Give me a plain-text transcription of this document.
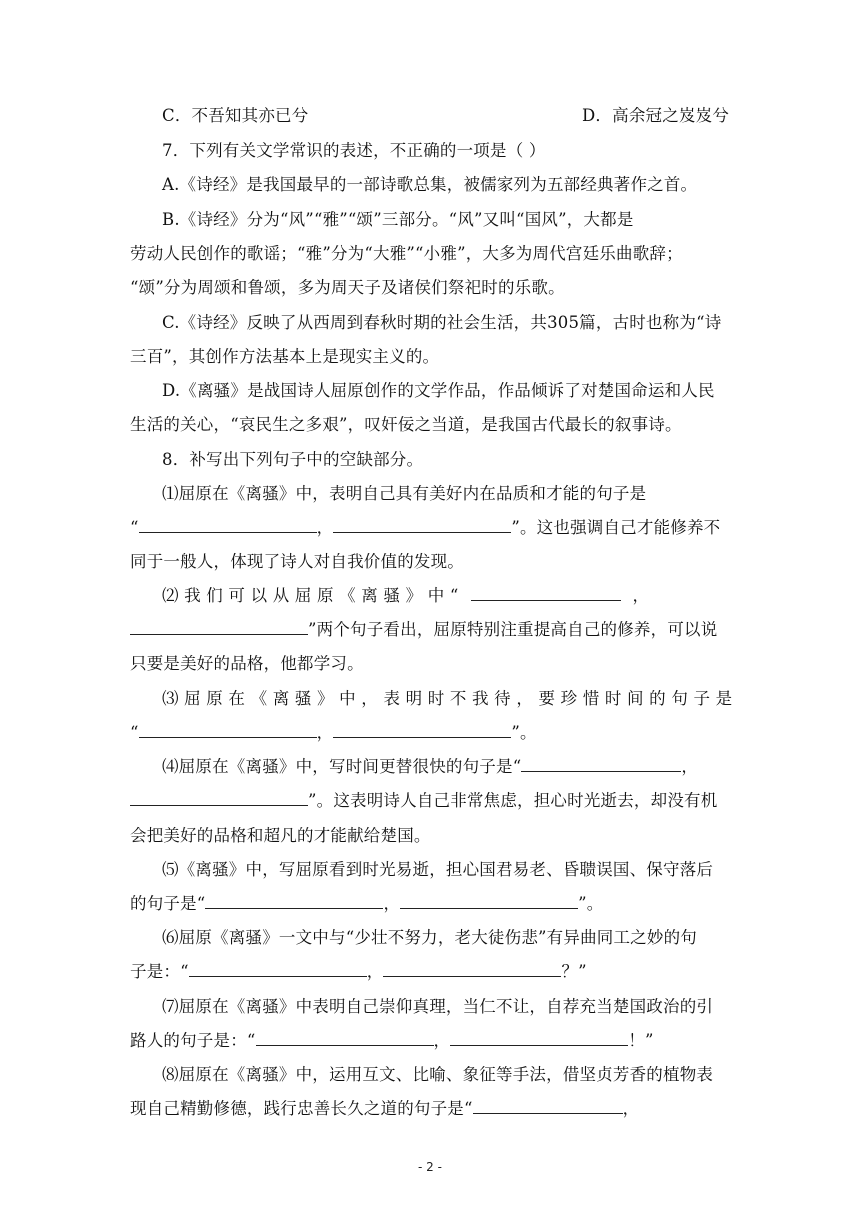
C．不吾知其亦已兮	D．高余冠之岌岌兮
7．下列有关文学常识的表述，不正确的一项是（ ）
A.《诗经》是我国最早的一部诗歌总集，被儒家列为五部经典著作之首。
B.《诗经》分为“风”“雅”“颂”三部分。“风”又叫“国风”，大都是
劳动人民创作的歌谣；“雅”分为“大雅”“小雅”，大多为周代宫廷乐曲歌辞；
“颂”分为周颂和鲁颂，多为周天子及诸侯们祭祀时的乐歌。
C.《诗经》反映了从西周到春秋时期的社会生活，共305篇，古时也称为“诗
三百”，其创作方法基本上是现实主义的。
D.《离骚》是战国诗人屈原创作的文学作品，作品倾诉了对楚国命运和人民
生活的关心，“哀民生之多艰”，叹奸佞之当道，是我国古代最长的叙事诗。
8．补写出下列句子中的空缺部分。
⑴屈原在《离骚》中，表明自己具有美好内在品质和才能的句子是
“	，	”。这也强调自己才能修养不
同于一般人，体现了诗人对自我价值的发现。
⑵ 我 们 可 以 从 屈 原 《 离 骚 》 中 “	，
”两个句子看出，屈原特别注重提高自己的修养，可以说
只要是美好的品格，他都学习。
⑶ 屈 原 在 《 离 骚 》 中 ， 表 明 时 不 我 待 ， 要 珍 惜 时 间 的 句 子 是
“	，	”。
⑷屈原在《离骚》中，写时间更替很快的句子是“	，
”。这表明诗人自己非常焦虑，担心时光逝去，却没有机
会把美好的品格和超凡的才能献给楚国。
⑸《离骚》中，写屈原看到时光易逝，担心国君易老、昏聩误国、保守落后
的句子是“	，	”。
⑹屈原《离骚》一文中与“少壮不努力，老大徒伤悲”有异曲同工之妙的句
子是：“	，	？”
⑺屈原在《离骚》中表明自己崇仰真理，当仁不让，自荐充当楚国政治的引
路人的句子是：“	，	！”
⑻屈原在《离骚》中，运用互文、比喻、象征等手法，借坚贞芳香的植物表
现自己精勤修德，践行忠善长久之道的句子是“	，
- 2 -
